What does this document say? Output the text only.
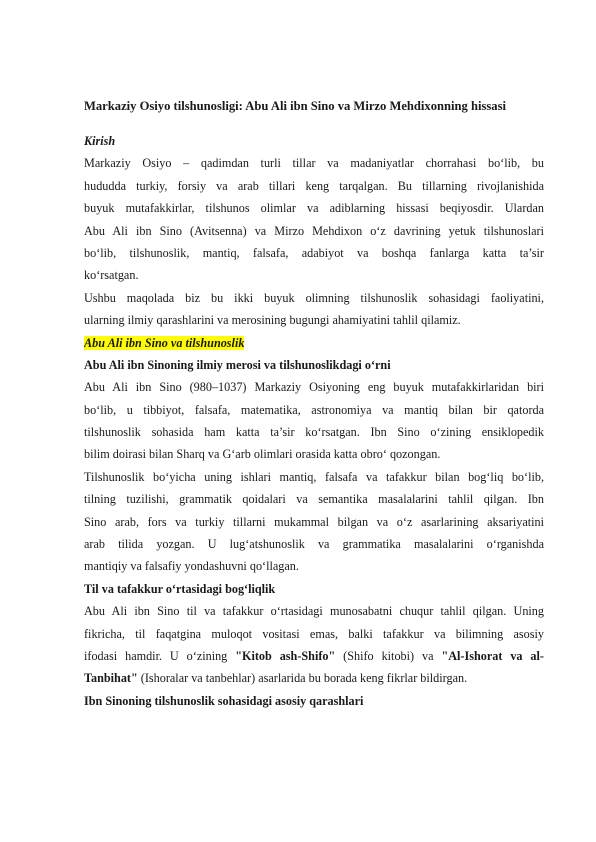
Markaziy Osiyo tilshunosligi: Abu Ali ibn Sino va Mirzo Mehdixonning hissasi
Kirish
Markaziy Osiyo – qadimdan turli tillar va madaniyatlar chorrahasi bo‘lib, bu
hududda turkiy, forsiy va arab tillari keng tarqalgan. Bu tillarning rivojlanishida
buyuk mutafakkirlar, tilshunos olimlar va adiblarning hissasi beqiyosdir. Ulardan
Abu Ali ibn Sino (Avitsenna) va Mirzo Mehdixon o‘z davrining yetuk tilshunoslari
bo‘lib, tilshunoslik, mantiq, falsafa, adabiyot va boshqa fanlarga katta ta’sir
ko‘rsatgan.
Ushbu maqolada biz bu ikki buyuk olimning tilshunoslik sohasidagi faoliyatini,
ularning ilmiy qarashlarini va merosining bugungi ahamiyatini tahlil qilamiz.
Abu Ali ibn Sino va tilshunoslik
Abu Ali ibn Sinoning ilmiy merosi va tilshunoslikdagi o‘rni
Abu Ali ibn Sino (980–1037) Markaziy Osiyoning eng buyuk mutafakkirlaridan biri
bo‘lib, u tibbiyot, falsafa, matematika, astronomiya va mantiq bilan bir qatorda
tilshunoslik sohasida ham katta ta’sir ko‘rsatgan. Ibn Sino o‘zining ensiklopedik
bilim doirasi bilan Sharq va G‘arb olimlari orasida katta obro‘ qozongan.
Tilshunoslik bo‘yicha uning ishlari mantiq, falsafa va tafakkur bilan bog‘liq bo‘lib,
tilning tuzilishi, grammatik qoidalari va semantika masalalarini tahlil qilgan. Ibn
Sino arab, fors va turkiy tillarni mukammal bilgan va o‘z asarlarining aksariyatini
arab tilida yozgan. U lug‘atshunoslik va grammatika masalalarini o‘rganishda
mantiqiy va falsafiy yondashuvni qo‘llagan.
Til va tafakkur o‘rtasidagi bog‘liqlik
Abu Ali ibn Sino til va tafakkur o‘rtasidagi munosabatni chuqur tahlil qilgan. Uning
fikricha, til faqatgina muloqot vositasi emas, balki tafakkur va bilimning asosiy
ifodasi hamdir. U o‘zining "Kitob ash-Shifo" (Shifo kitobi) va "Al-Ishorat va al-
Tanbihat" (Ishoralar va tanbehlar) asarlarida bu borada keng fikrlar bildirgan.
Ibn Sinoning tilshunoslik sohasidagi asosiy qarashlari
